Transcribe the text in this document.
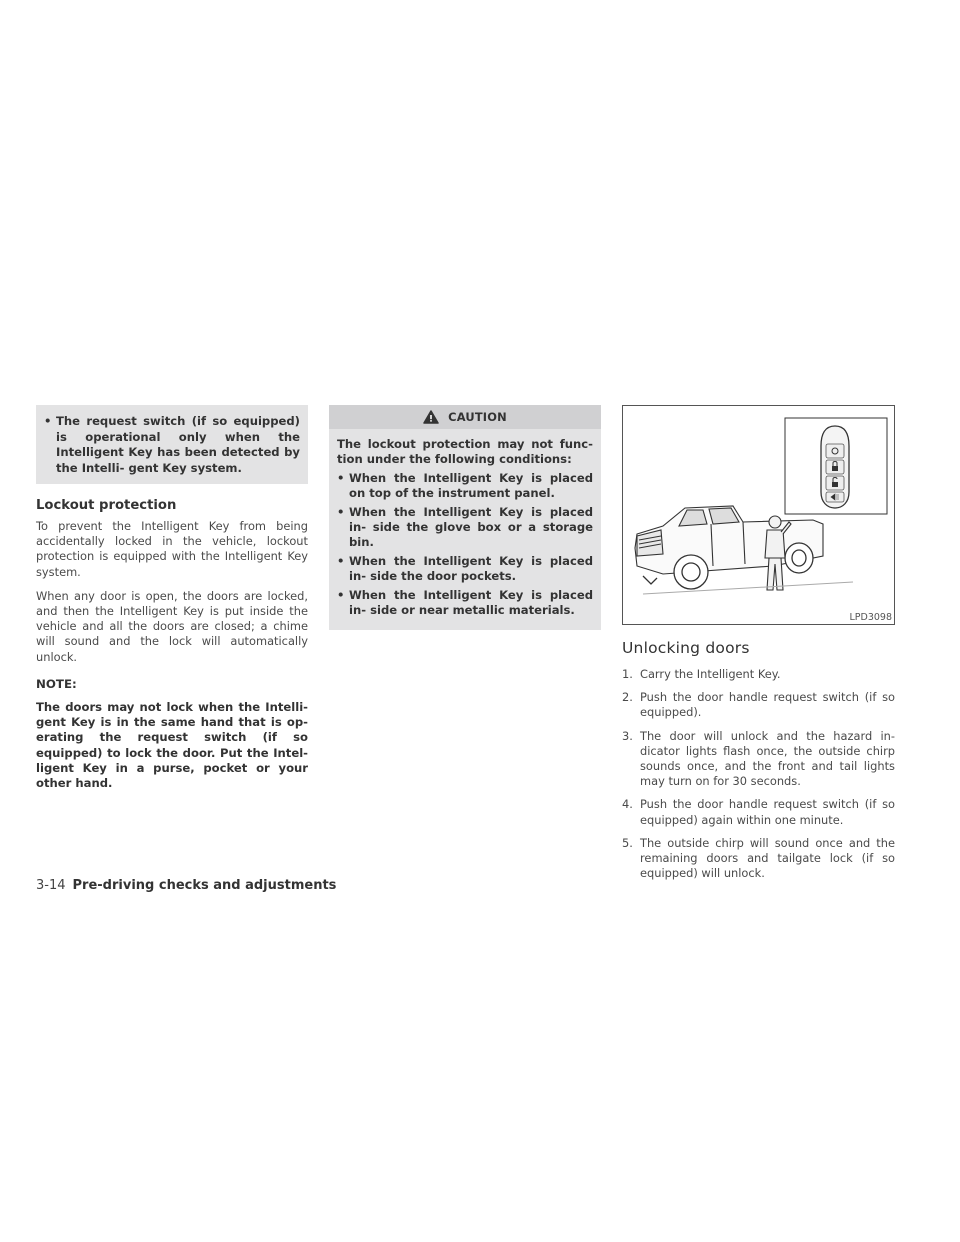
• The request switch (if so equipped) is operational only when the Intelligent Key has been detected by the Intelli- gent Key system.
Lockout protection

To prevent the Intelligent Key from being accidentally locked in the vehicle, lockout protection is equipped with the Intelligent Key system.

When any door is open, the doors are locked, and then the Intelligent Key is put inside the vehicle and all the doors are closed; a chime will sound and the lock will automatically unlock.

NOTE:
The doors may not lock when the Intelli- gent Key is in the same hand that is op- erating the request switch (if so equipped) to lock the door. Put the Intel- ligent Key in a purse, pocket or your other hand.
CAUTION
The lockout protection may not func- tion under the following conditions:
• When the Intelligent Key is placed on top of the instrument panel.
• When the Intelligent Key is placed in- side the glove box or a storage bin.
• When the Intelligent Key is placed in- side the door pockets.
• When the Intelligent Key is placed in- side or near metallic materials.
LPD3098
Unlocking doors
1. Carry the Intelligent Key.
2. Push the door handle request switch (if so equipped).
3. The door will unlock and the hazard in- dicator lights flash once, the outside chirp sounds once, and the front and tail lights may turn on for 30 seconds.
4. Push the door handle request switch (if so equipped) again within one minute.
5. The outside chirp will sound once and the remaining doors and tailgate lock (if so equipped) will unlock.
3-14 Pre-driving checks and adjustments
